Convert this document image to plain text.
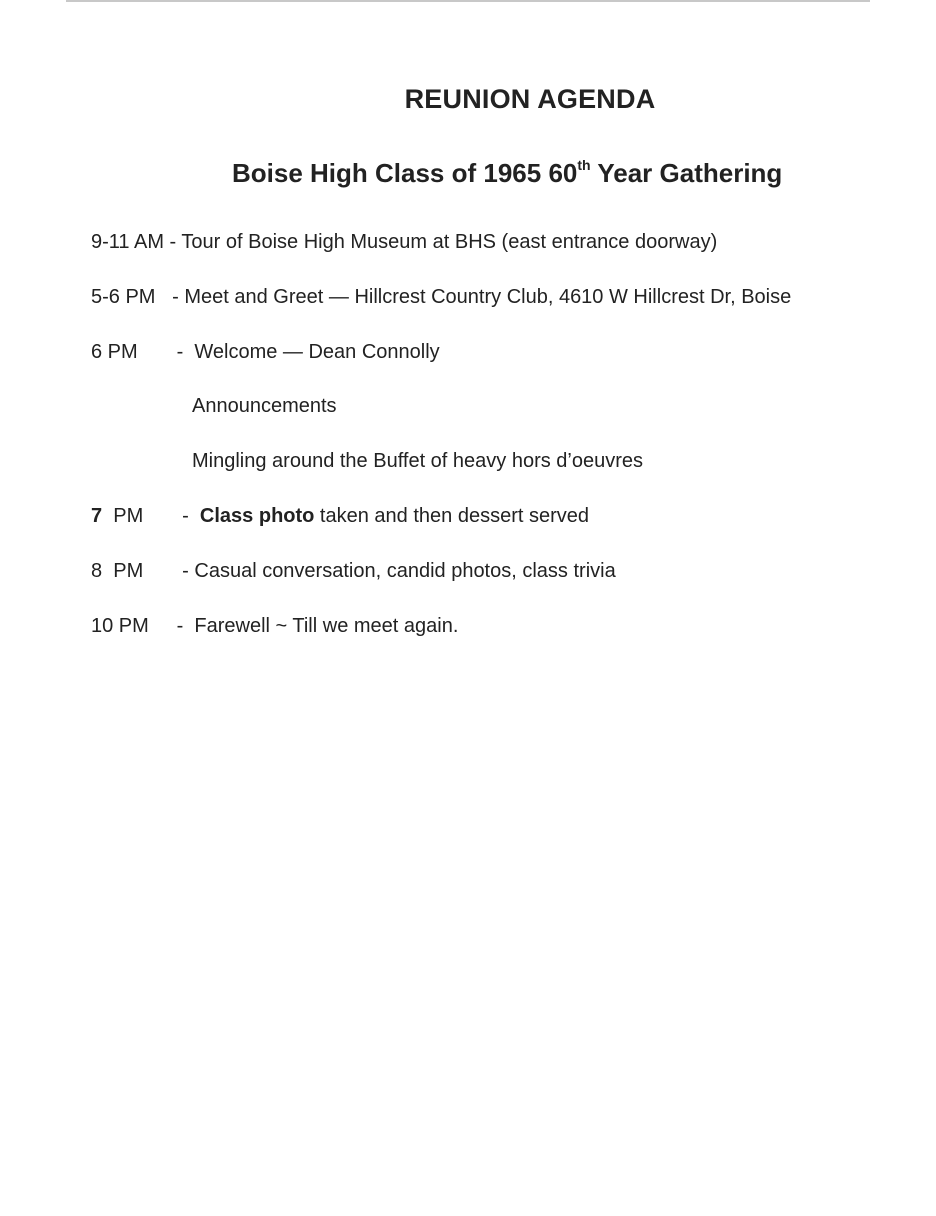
REUNION AGENDA
Boise High Class of 1965 60th Year Gathering

9-11 AM - Tour of Boise High Museum at BHS (east entrance doorway)

5-6 PM   - Meet and Greet — Hillcrest Country Club, 4610 W Hillcrest Dr, Boise

6 PM       -  Welcome — Dean Connolly

Announcements

Mingling around the Buffet of heavy hors d’oeuvres

7  PM       -  Class photo taken and then dessert served

8  PM       - Casual conversation, candid photos, class trivia

10 PM     -  Farewell ~ Till we meet again.
